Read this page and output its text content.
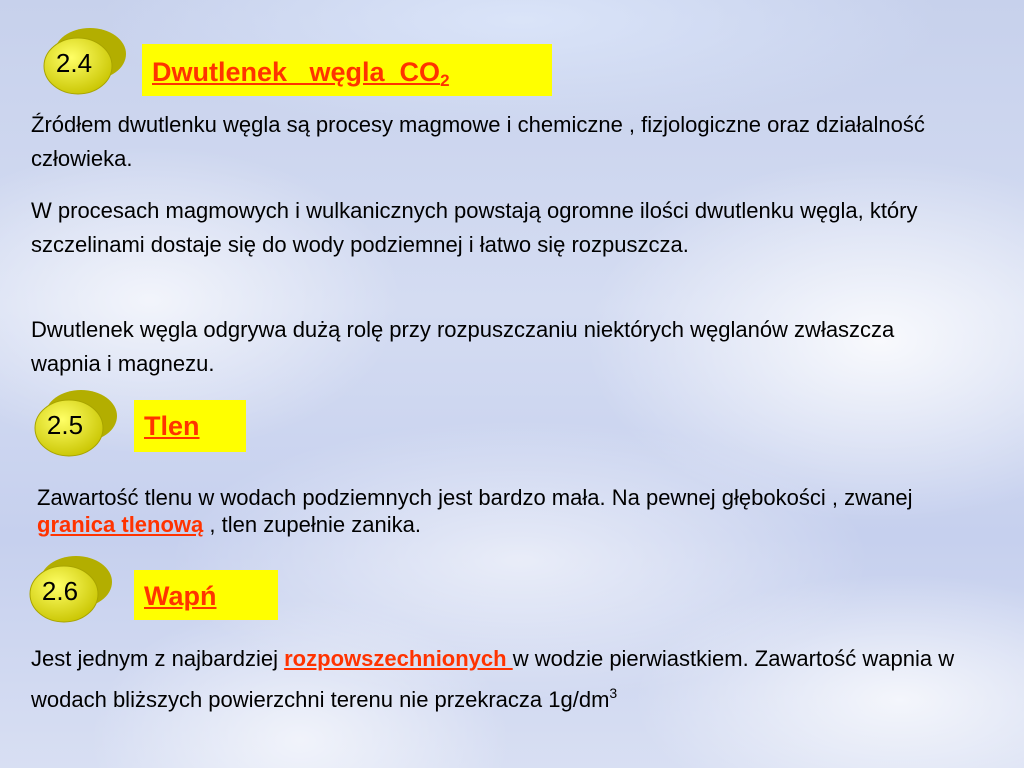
2.4	Dwutlenek   węgla  $CO_2$

Źródłem dwutlenku węgla są procesy magmowe i chemiczne , fizjologiczne oraz działalność człowieka.

W procesach magmowych i wulkanicznych powstają ogromne ilości dwutlenku węgla, który szczelinami dostaje się do wody podziemnej i łatwo się rozpuszcza.

Dwutlenek węgla odgrywa dużą rolę przy rozpuszczaniu niektórych węglanów zwłaszcza wapnia i magnezu.

2.5	Tlen

Zawartość tlenu w wodach podziemnych jest bardzo mała. Na pewnej głębokości , zwanej granica tlenową , tlen zupełnie zanika.

2.6	Wapń

Jest jednym z najbardziej rozpowszechnionych w wodzie pierwiastkiem. Zawartość wapnia w wodach bliższych powierzchni terenu nie przekracza $1g/dm^3$
